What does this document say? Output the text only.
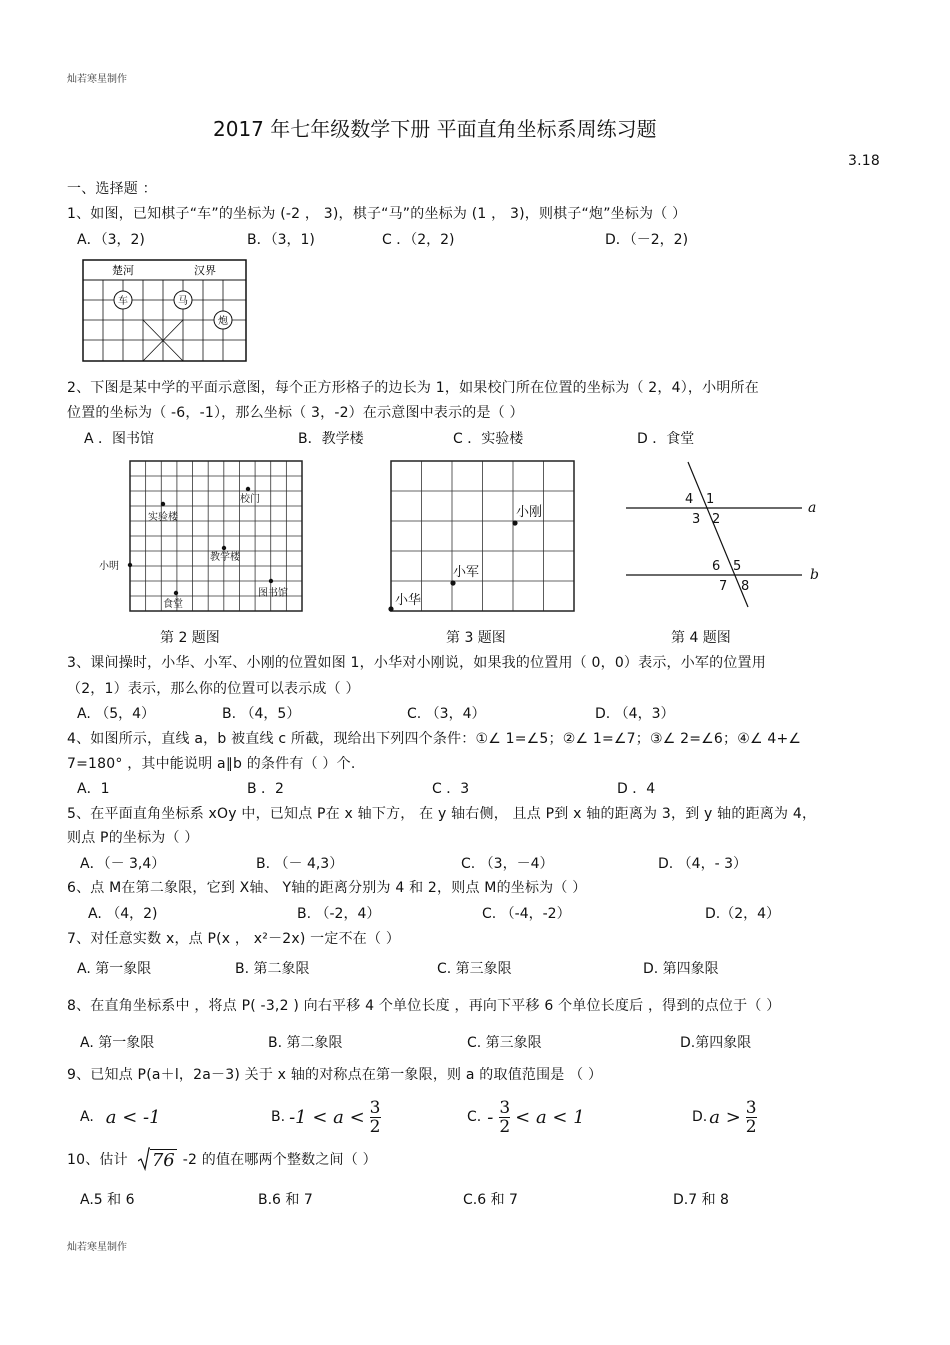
灿若寒星制作
灿若寒星制作
2017 年七年级数学下册 平面直角坐标系周练习题
3.18
一、选择题 ：
1、如图，已知棋子“车”的坐标为 (-2 ， 3)，棋子“马”的坐标为 (1 ， 3)，则棋子“炮”坐标为（ ）
A．（3，2)	B．（3，1)	C ．（2，2)	D．（－2，2)
楚河	汉界
车	马
炮
2、下图是某中学的平面示意图，每个正方形格子的边长为 1，如果校门所在位置的坐标为（ 2，4），小明所在
位置的坐标为（ -6，-1），那么坐标（ 3，-2）在示意图中表示的是（ ）
A ．图书馆	B．教学楼	C ．实验楼	D ．食堂
校门
实验楼
小明
教学楼
图书馆
食堂
小刚
小军
小华
4 1
3 2
6 5
7 8
a
b
第 2 题图	第 3 题图	第 4 题图
3、课间操时，小华、小军、小刚的位置如图 1，小华对小刚说，如果我的位置用（ 0，0）表示，小军的位置用
（2，1）表示，那么你的位置可以表示成（ ）
A. （5，4）	B. （4，5）	C. （3，4）	D. （4，3）
4、如图所示，直线 a，b 被直线 c 所截，现给出下列四个条件：①∠ 1=∠5；②∠ 1=∠7；③∠ 2=∠6；④∠ 4+∠
7=180° ，其中能说明 a∥b 的条件有（ ）个.
A．1	B ．2	C ．3	D ．4
5、在平面直角坐标系 xOy 中，已知点 P在 x 轴下方， 在 y 轴右侧， 且点 P到 x 轴的距离为 3，到 y 轴的距离为 4，
则点 P的坐标为（ ）
A．（－ 3,4）	B. （－ 4,3）	C. （3，－4）	D. （4，- 3）
6、点 M在第二象限，它到 X轴、 Y轴的距离分别为 4 和 2，则点 M的坐标为（ ）
A. （4，2)	B. （-2，4）	C. （-4，-2）	D.（2，4）
7、对任意实数 x，点 P(x ， x²－2x) 一定不在（ ）
A. 第一象限	B. 第二象限	C. 第三象限	D. 第四象限
8、在直角坐标系中 ，将点 P( -3,2 ) 向右平移 4 个单位长度 ，再向下平移 6 个单位长度后 ，得到的点位于（ ）
A. 第一象限	B. 第二象限	C. 第三象限	D.第四象限
9、已知点 P(a＋l，2a－3) 关于 x 轴的对称点在第一象限，则 a 的取值范围是 （ ）
A. a < -1	B. $-1 < a < \frac{3}{2}$	C. - $\frac{3}{2} < a < 1$	D. $a > \frac{3}{2}$
10、估计 76 -2 的值在哪两个整数之间（ ）
A.5 和 6	B.6 和 7	C.6 和 7	D.7 和 8
